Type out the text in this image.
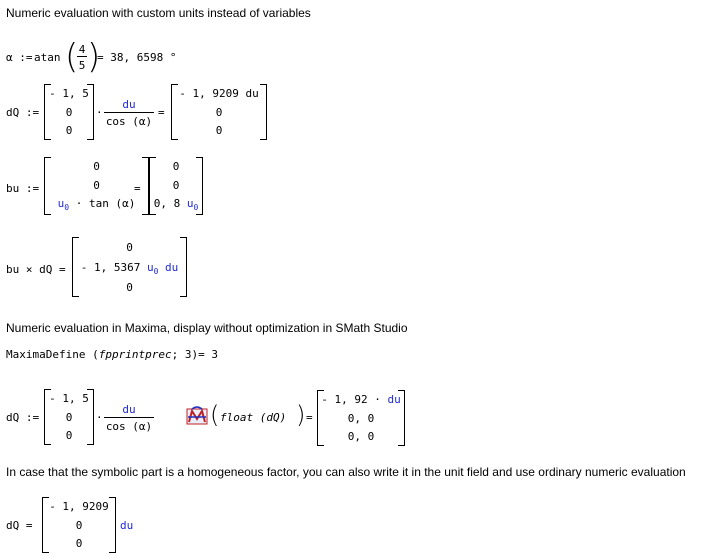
Numeric evaluation with custom units instead of variables
α := atan ( 4
5 )
= 38, 6598 °
dQ :=
- 1, 5
0
0
·
du
cos (α)
=
- 1, 9209 du
0
0
bu :=
0
0
$u_0 \cdot \tan (\alpha)$
=
0
0
0, 8 $u_0$
bu × dQ =
0
- 1, 5367 $u_0$ du
0
Numeric evaluation in Maxima, display without optimization in SMath Studio
MaximaDefine (fpprintprec; 3)= 3
dQ :=
- 1, 5
0
0
·
du
cos (α) ( float (dQ) ) =
- 1, 92 · du
0, 0
0, 0
In case that the symbolic part is a homogeneous factor, you can also write it in the unit field and use ordinary numeric evaluation
dQ =
- 1, 9209
0
0
du
